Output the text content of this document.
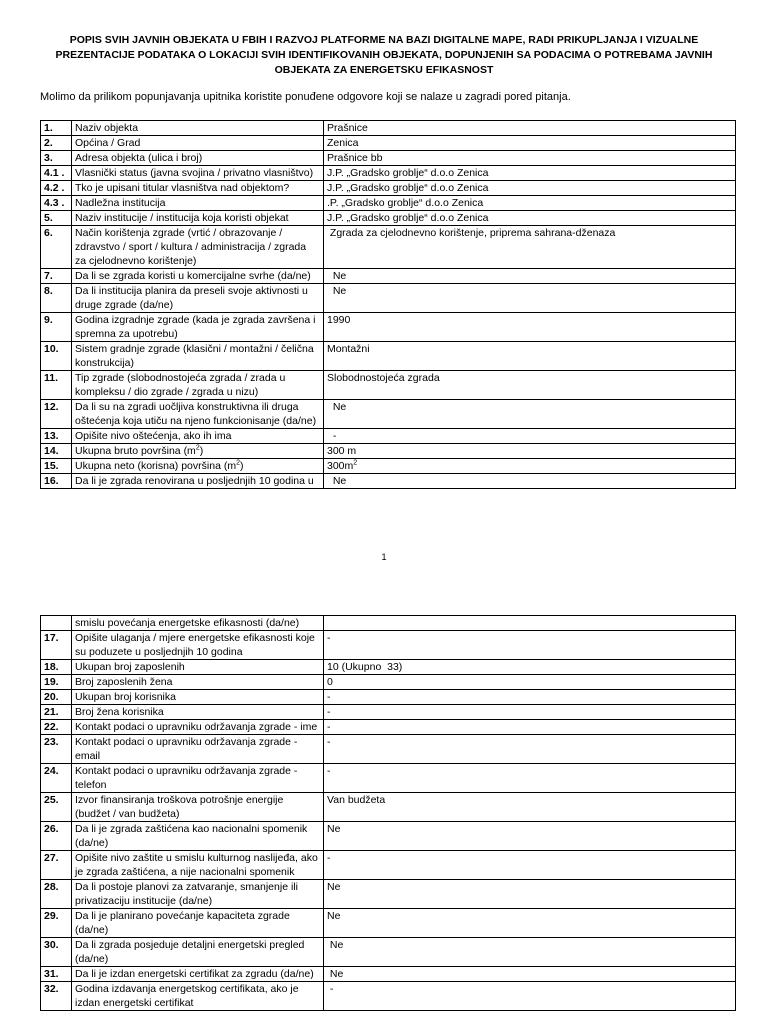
POPIS SVIH JAVNIH OBJEKATA U FBIH I RAZVOJ PLATFORME NA BAZI DIGITALNE MAPE, RADI PRIKUPLJANJA I VIZUALNE PREZENTACIJE PODATAKA O LOKACIJI SVIH IDENTIFIKOVANIH OBJEKATA, DOPUNJENIH SA PODACIMA O POTREBAMA JAVNIH OBJEKATA ZA ENERGETSKU EFIKASNOST

Molimo da prilikom popunjavanja upitnika koristite ponuđene odgovore koji se nalaze u zagradi pored pitanja.

1.	Naziv objekta	Prašnice
2.	Općina / Grad	Zenica
3.	Adresa objekta (ulica i broj)	Prašnice bb
4.1 .	Vlasnički status (javna svojina / privatno vlasništvo)	J.P. „Gradsko groblje“ d.o.o Zenica
4.2 .	Tko je upisani titular vlasništva nad objektom?	J.P. „Gradsko groblje“ d.o.o Zenica
4.3 .	Nadležna institucija	.P. „Gradsko groblje“ d.o.o Zenica
5.	Naziv institucije / institucija koja koristi objekat	J.P. „Gradsko groblje“ d.o.o Zenica
6.	Način korištenja zgrade (vrtić / obrazovanje / zdravstvo / sport / kultura / administracija / zgrada za cjelodnevno korištenje)	Zgrada za cjelodnevno korištenje, priprema sahrana-dženaza
7.	Da li se zgrada koristi u komercijalne svrhe (da/ne)	Ne
8.	Da li institucija planira da preseli svoje aktivnosti u druge zgrade (da/ne)	Ne
9.	Godina izgradnje zgrade (kada je zgrada završena i spremna za upotrebu)	1990
10.	Sistem gradnje zgrade (klasični / montažni / čelična konstrukcija)	Montažni
11.	Tip zgrade (slobodnostojeća zgrada / zrada u kompleksu / dio zgrade / zgrada u nizu)	Slobodnostojeća zgrada
12.	Da li su na zgradi uočljiva konstruktivna ili druga oštećenja koja utiču na njeno funkcionisanje (da/ne)	Ne
13.	Opišite nivo oštećenja, ako ih ima	-
14.	Ukupna bruto površina $(m^2)$	300 m
15.	Ukupna neto (korisna) površina $(m^2)$	$300m^2$
16.	Da li je zgrada renovirana u posljednjih 10 godina u	Ne
1
	smislu povećanja energetske efikasnosti (da/ne)	
17.	Opišite ulaganja / mjere energetske efikasnosti koje su poduzete u posljednjih 10 godina	-
18.	Ukupan broj zaposlenih	10 (Ukupno  33)
19.	Broj zaposlenih žena	0
20.	Ukupan broj korisnika	-
21.	Broj žena korisnika	-
22.	Kontakt podaci o upravniku održavanja zgrade - ime	-
23.	Kontakt podaci o upravniku održavanja zgrade - email	-
24.	Kontakt podaci o upravniku održavanja zgrade - telefon	-
25.	Izvor finansiranja troškova potrošnje energije (budžet / van budžeta)	Van budžeta
26.	Da li je zgrada zaštićena kao nacionalni spomenik (da/ne)	Ne
27.	Opišite nivo zaštite u smislu kulturnog naslijeđa, ako je zgrada zaštićena, a nije nacionalni spomenik	-
28.	Da li postoje planovi za zatvaranje, smanjenje ili privatizaciju institucije (da/ne)	Ne
29.	Da li je planirano povećanje kapaciteta zgrade (da/ne)	Ne
30.	Da li zgrada posjeduje detaljni energetski pregled (da/ne)	Ne
31.	Da li je izdan energetski certifikat za zgradu (da/ne)	Ne
32.	Godina izdavanja energetskog certifikata, ako je izdan energetski certifikat	-
